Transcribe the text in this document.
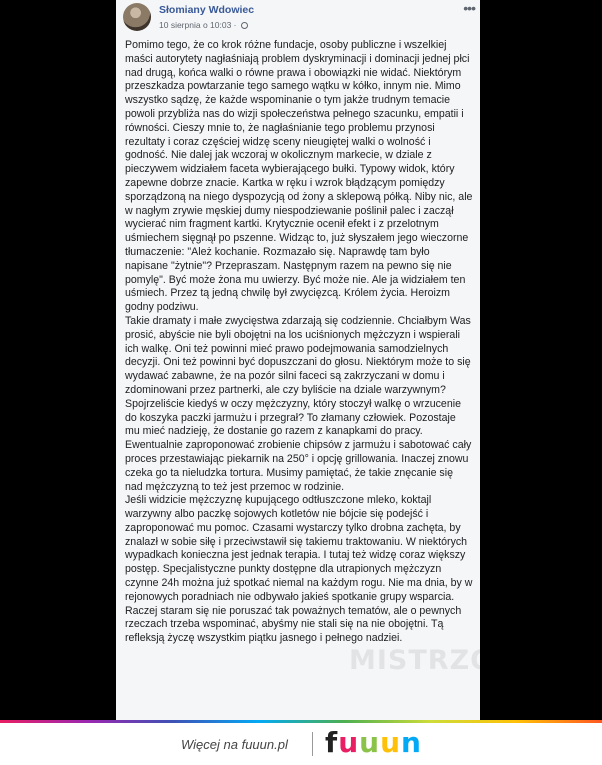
Słomiany Wdowiec
10 sierpnia o 10:03 ·
•••

Pomimo tego, że co krok różne fundacje, osoby publiczne i wszelkiej maści autorytety nagłaśniają problem dyskryminacji i dominacji jednej płci nad drugą, końca walki o równe prawa i obowiązki nie widać. Niektórym przeszkadza powtarzanie tego samego wątku w kółko, innym nie. Mimo wszystko sądzę, że każde wspominanie o tym jakże trudnym temacie powoli przybliża nas do wizji społeczeństwa pełnego szacunku, empatii i równości. Cieszy mnie to, że nagłaśnianie tego problemu przynosi rezultaty i coraz częściej widzę sceny nieugiętej walki o wolność i godność. Nie dalej jak wczoraj w okolicznym markecie, w dziale z pieczywem widziałem faceta wybierającego bułki. Typowy widok, który zapewne dobrze znacie. Kartka w ręku i wzrok błądzącym pomiędzy sporządzoną na niego dyspozycją od żony a sklepową półką. Niby nic, ale w nagłym zrywie męskiej dumy niespodziewanie poślinił palec i zaczął wycierać nim fragment kartki. Krytycznie ocenił efekt i z przelotnym uśmiechem sięgnął po pszenne. Widząc to, już słyszałem jego wieczorne tłumaczenie: "Ależ kochanie. Rozmazało się. Naprawdę tam było napisane "żytnie"? Przepraszam. Następnym razem na pewno się nie pomylę". Być może żona mu uwierzy. Być może nie. Ale ja widziałem ten uśmiech. Przez tą jedną chwilę był zwycięzcą. Królem życia. Heroizm godny podziwu.

Takie dramaty i małe zwycięstwa zdarzają się codziennie. Chciałbym Was prosić, abyście nie byli obojętni na los uciśnionych mężczyzn i wspierali ich walkę. Oni też powinni mieć prawo podejmowania samodzielnych decyzji. Oni też powinni być dopuszczani do głosu. Niektórym może to się wydawać zabawne, że na pozór silni faceci są zakrzyczani w domu i zdominowani przez partnerki, ale czy byliście na dziale warzywnym? Spojrzeliście kiedyś w oczy mężczyzny, który stoczył walkę o wrzucenie do koszyka paczki jarmużu i przegrał? To złamany człowiek. Pozostaje mu mieć nadzieję, że dostanie go razem z kanapkami do pracy. Ewentualnie zaproponować zrobienie chipsów z jarmużu i sabotować cały proces przestawiając piekarnik na 250° i opcję grillowania. Inaczej znowu czeka go ta nieludzka tortura. Musimy pamiętać, że takie znęcanie się nad mężczyzną to też jest przemoc w rodzinie.

Jeśli widzicie mężczyznę kupującego odtłuszczone mleko, koktajl warzywny albo paczkę sojowych kotletów nie bójcie się podejść i zaproponować mu pomoc. Czasami wystarczy tylko drobna zachęta, by znalazł w sobie siłę i przeciwstawił się takiemu traktowaniu. W niektórych wypadkach konieczna jest jednak terapia. I tutaj też widzę coraz większy postęp. Specjalistyczne punkty dostępne dla utrapionych mężczyzn czynne 24h można już spotkać niemal na każdym rogu. Nie ma dnia, by w rejonowych poradniach nie odbywało jakieś spotkanie grupy wsparcia.

Raczej staram się nie poruszać tak poważnych tematów, ale o pewnych rzeczach trzeba wspominać, abyśmy nie stali się na nie obojętni. Tą refleksją życzę wszystkim piątku jasnego i pełnego nadziei.

MISTRZOWIE.ORG
Więcej na fuuun.pl fuuun
